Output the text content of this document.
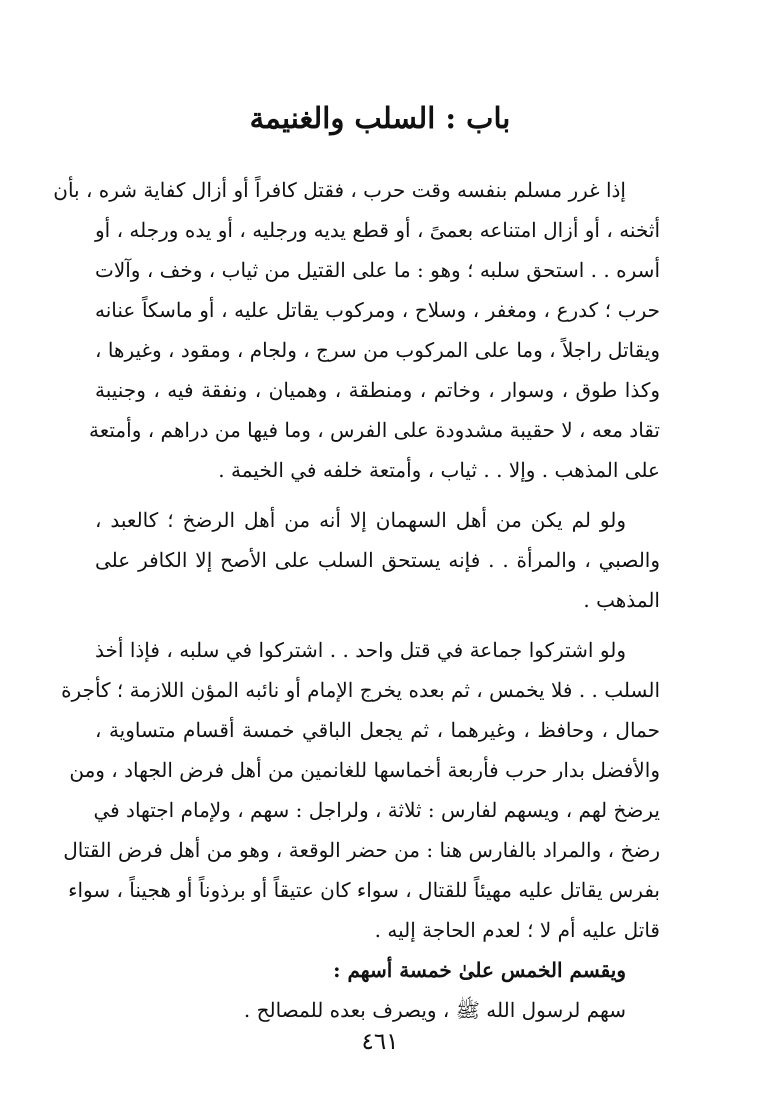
باب : السلب والغنيمة
إذا غرر مسلم بنفسه وقت حرب ، فقتل كافراً أو أزال كفاية شره ، بأن
أثخنه ، أو أزال امتناعه بعمىً ، أو قطع يديه ورجليه ، أو يده ورجله ، أو
أسره . . استحق سلبه ؛ وهو : ما على القتيل من ثياب ، وخف ، وآلات
حرب ؛ كدرع ، ومغفر ، وسلاح ، ومركوب يقاتل عليه ، أو ماسكاً عنانه
ويقاتل راجلاً ، وما على المركوب من سرج ، ولجام ، ومقود ، وغيرها ،
وكذا طوق ، وسوار ، وخاتم ، ومنطقة ، وهميان ، ونفقة فيه ، وجنيبة
تقاد معه ، لا حقيبة مشدودة على الفرس ، وما فيها من دراهم ، وأمتعة
على المذهب . وإلا . . ثياب ، وأمتعة خلفه في الخيمة .
ولو لم يكن من أهل السهمان إلا أنه من أهل الرضخ ؛ كالعبد ،
والصبي ، والمرأة . . فإنه يستحق السلب على الأصح إلا الكافر على
المذهب .
ولو اشتركوا جماعة في قتل واحد . . اشتركوا في سلبه ، فإذا أخذ
السلب . . فلا يخمس ، ثم بعده يخرج الإمام أو نائبه المؤن اللازمة ؛ كأجرة
حمال ، وحافظ ، وغيرهما ، ثم يجعل الباقي خمسة أقسام متساوية ،
والأفضل بدار حرب فأربعة أخماسها للغانمين من أهل فرض الجهاد ، ومن
يرضخ لهم ، ويسهم لفارس : ثلاثة ، ولراجل : سهم ، ولإمام اجتهاد في
رضخ ، والمراد بالفارس هنا : من حضر الوقعة ، وهو من أهل فرض القتال
بفرس يقاتل عليه مهيئاً للقتال ، سواء كان عتيقاً أو برذوناً أو هجيناً ، سواء
قاتل عليه أم لا ؛ لعدم الحاجة إليه .
ويقسم الخمس علىٰ خمسة أسهم :
سهم لرسول الله ﷺ ، ويصرف بعده للمصالح .
٤٦١
